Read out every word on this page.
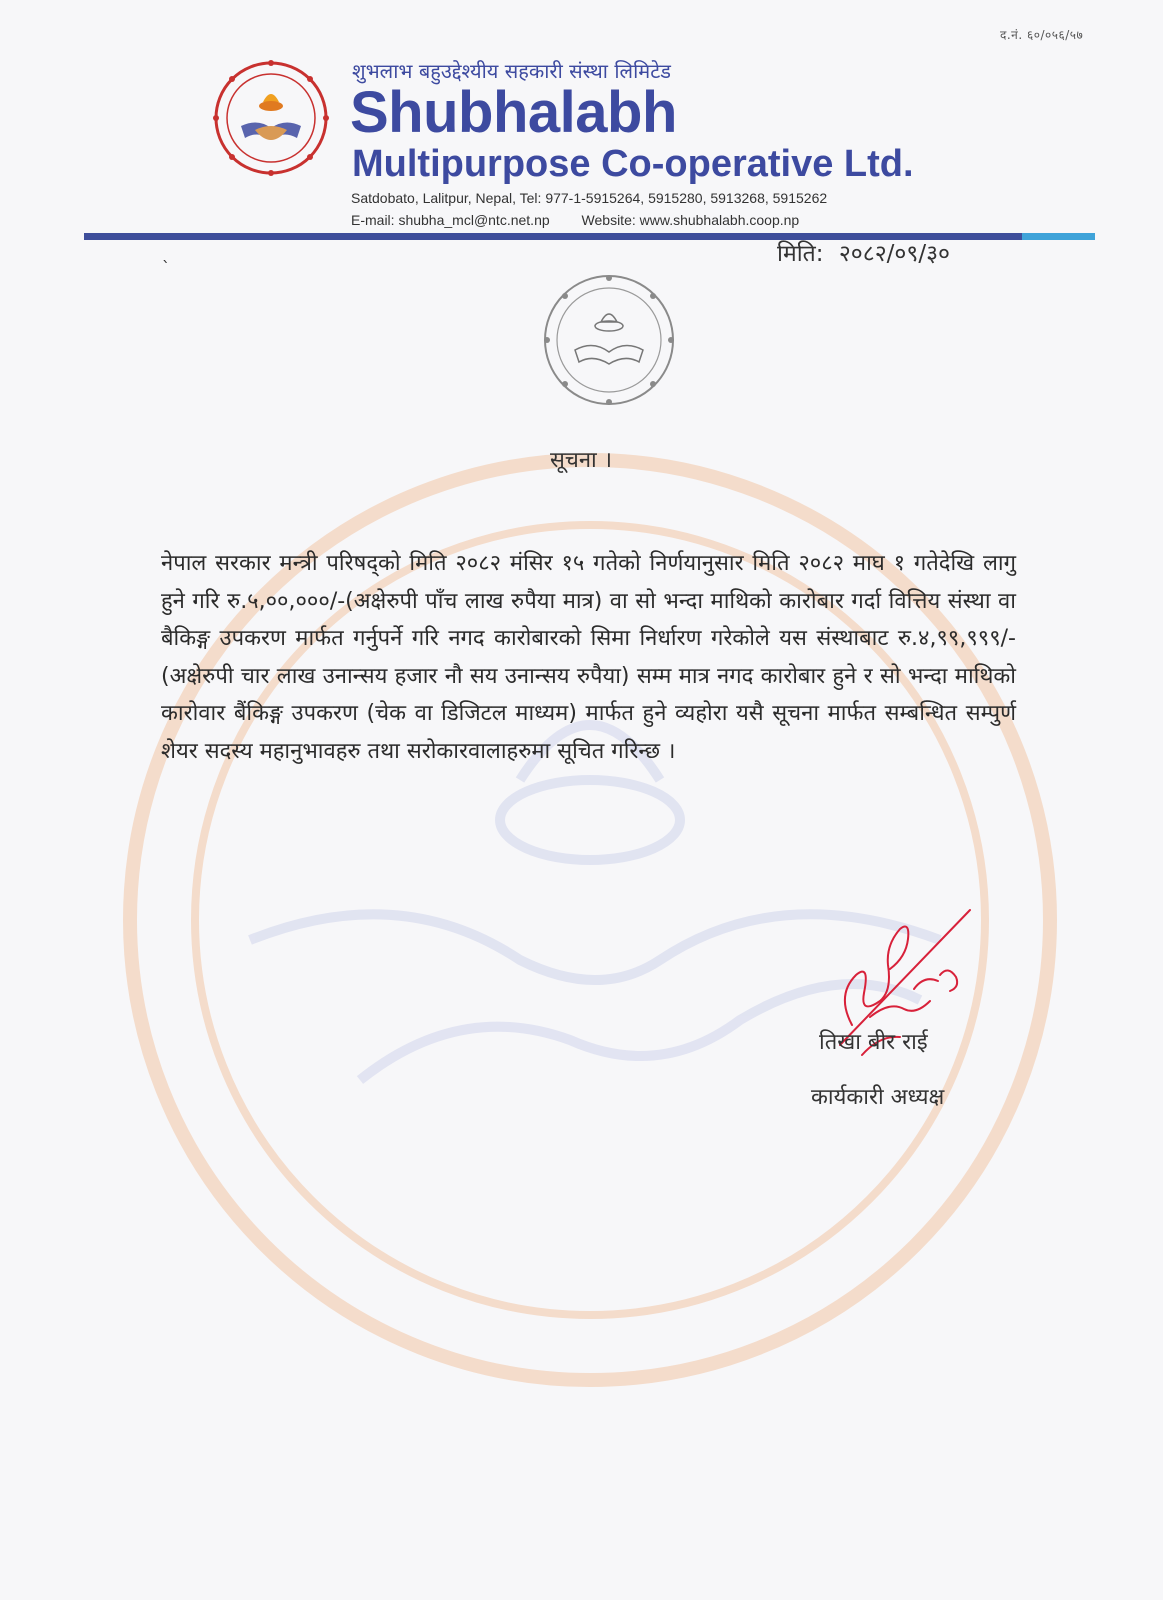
द.नं. ६०/०५६/५७
शुभलाभ बहुउद्देश्यीय सहकारी संस्था लिमिटेड
Shubhalabh
Multipurpose Co-operative Ltd.
Satdobato, Lalitpur, Nepal, Tel: 977-1-5915264, 5915280, 5913268, 5915262
E-mail: shubha_mcl@ntc.net.np Website: www.shubhalabh.coop.np
ˎ	मिति: २०८२/०९/३०
सूचना ।
नेपाल सरकार मन्त्री परिषद्को मिति २०८२ मंसिर १५ गतेको निर्णयानुसार मिति २०८२ माघ १ गतेदेखि लागु हुने गरि रु.५,००,०००/-(अक्षेरुपी पाँच लाख रुपैया मात्र) वा सो भन्दा माथिको कारोबार गर्दा वित्तिय संस्था वा बैकिङ्ग उपकरण मार्फत गर्नुपर्ने गरि नगद कारोबारको सिमा निर्धारण गरेकोले यस संस्थाबाट रु.४,९९,९९९/-(अक्षेरुपी चार लाख उनान्सय हजार नौ सय उनान्सय रुपैया) सम्म मात्र नगद कारोबार हुने र सो भन्दा माथिको कारोवार बैंकिङ्ग उपकरण (चेक वा डिजिटल माध्यम) मार्फत हुने व्यहोरा यसै सूचना मार्फत सम्बन्धित सम्पुर्ण शेयर सदस्य महानुभावहरु तथा सरोकारवालाहरुमा सूचित गरिन्छ ।
तिखा बीर राई
कार्यकारी अध्यक्ष
